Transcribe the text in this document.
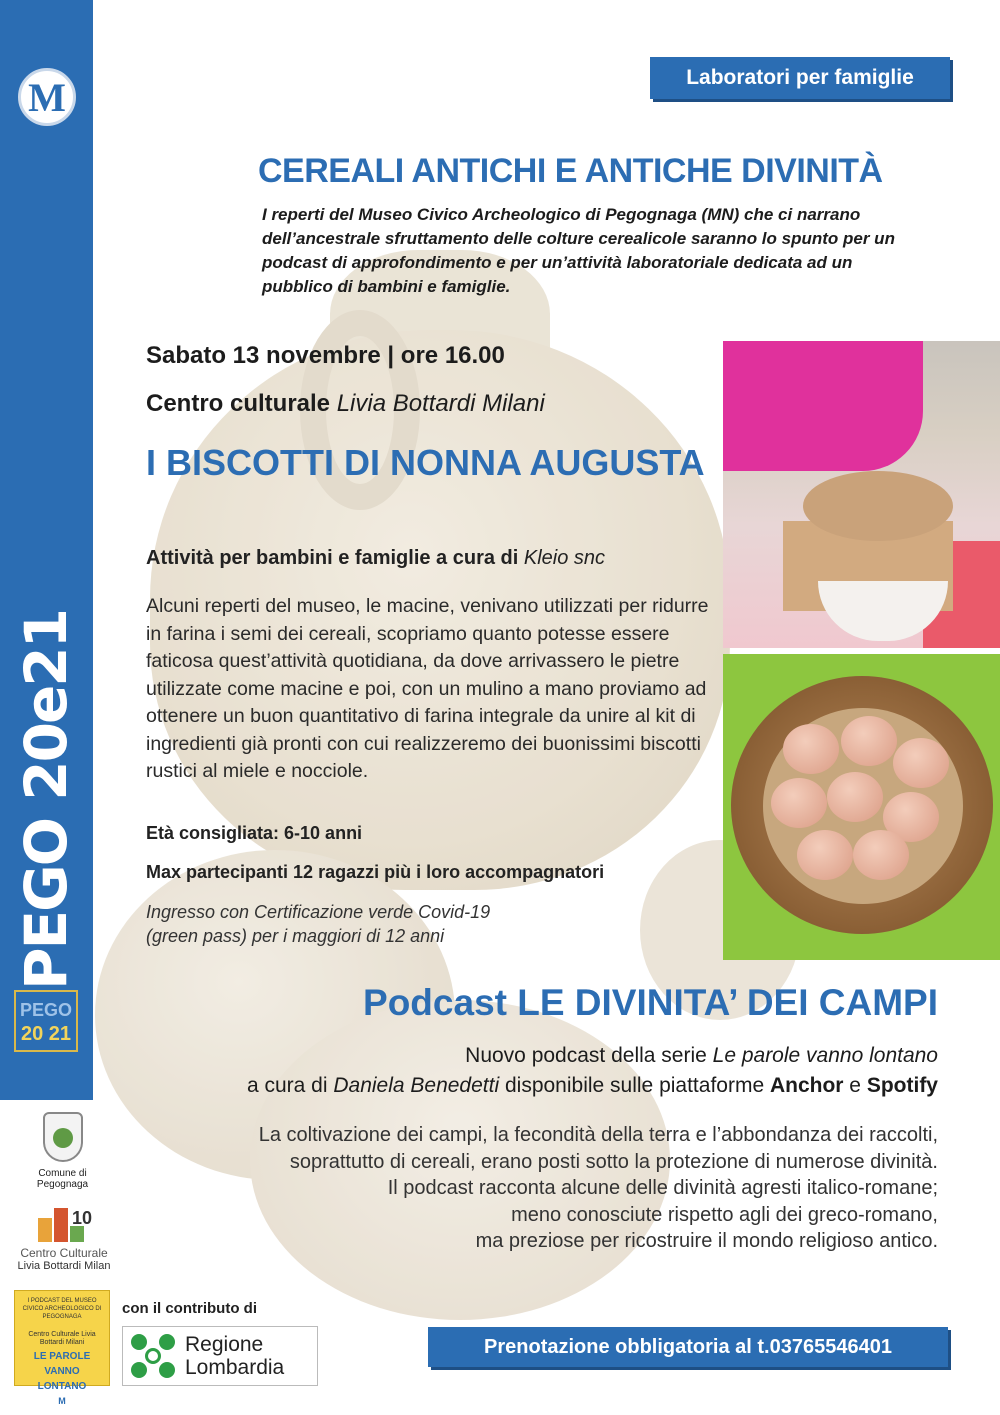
M
PEGO 20e21
PEGO
20 21
Laboratori per famiglie
CEREALI ANTICHI E ANTICHE DIVINITÀ
I reperti del Museo Civico Archeologico di Pegognaga (MN) che ci narrano dell’ancestrale sfruttamento delle colture cerealicole saranno lo spunto per un podcast di approfondimento e per un’attività laboratoriale dedicata ad un pubblico di bambini e famiglie.
Sabato 13 novembre | ore 16.00
Centro culturale Livia Bottardi Milani
I BISCOTTI DI NONNA AUGUSTA
Attività per bambini e famiglie a cura di Kleio snc
Alcuni reperti del museo, le macine, venivano utilizzati per ridurre in farina i semi dei cereali, scopriamo quanto potesse essere faticosa quest’attività quotidiana, da dove arrivassero le pietre utilizzate come macine e poi, con un mulino a mano proviamo ad ottenere un buon quantitativo di farina integrale da unire al kit di ingredienti già pronti con cui realizzeremo dei buonissimi biscotti rustici al miele e nocciole.
Età consigliata: 6-10 anni
Max partecipanti 12 ragazzi più i loro accompagnatori
Ingresso con Certificazione verde Covid-19
(green pass) per i maggiori di 12 anni
Podcast LE DIVINITA’ DEI CAMPI
Nuovo podcast della serie Le parole vanno lontano
a cura di Daniela Benedetti disponibile sulle piattaforme Anchor e Spotify
La coltivazione dei campi, la fecondità della terra e l’abbondanza dei raccolti,
soprattutto di cereali, erano posti sotto la protezione di numerose divinità.
Il podcast racconta alcune delle divinità agresti italico-romane;
meno conosciute rispetto agli dei greco-romano,
ma preziose per ricostruire il mondo religioso antico.
Comune di Pegognaga
10
Centro Culturale
Livia Bottardi Milan
I PODCAST DEL MUSEO CIVICO ARCHEOLOGICO DI PEGOGNAGA
Centro Culturale Livia Bottardi Milani
LE PAROLE
VANNO
LONTANO
M
con il contributo di
Regione
Lombardia
Prenotazione obbligatoria al t.03765546401
